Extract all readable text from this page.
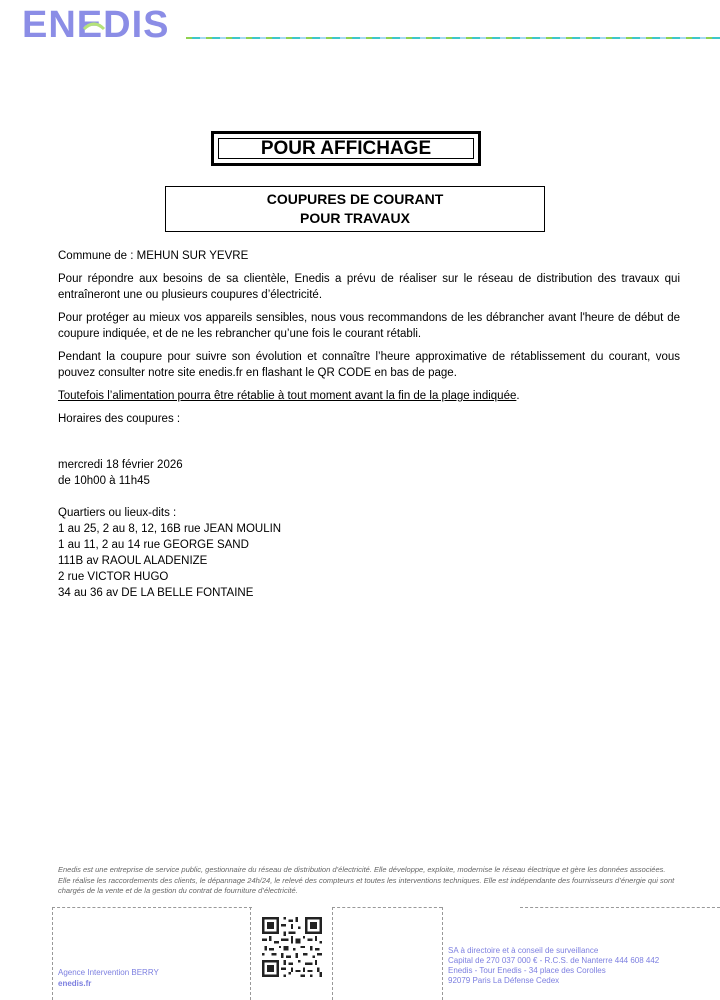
ENEDIS
POUR AFFICHAGE
COUPURES DE COURANT
POUR TRAVAUX

Commune de : MEHUN SUR YEVRE

Pour répondre aux besoins de sa clientèle, Enedis a prévu de réaliser sur le réseau de distribution des travaux qui entraîneront une ou plusieurs coupures d’électricité.

Pour protéger au mieux vos appareils sensibles, nous vous recommandons de les débrancher avant l'heure de début de coupure indiquée, et de ne les rebrancher qu’une fois le courant rétabli.

Pendant la coupure pour suivre son évolution et connaître l’heure approximative de rétablissement du courant, vous pouvez consulter notre site enedis.fr en flashant le QR CODE en bas de page.

Toutefois l’alimentation pourra être rétablie à tout moment avant la fin de la plage indiquée.

Horaires des coupures :

mercredi 18 février 2026
de 10h00 à 11h45
Quartiers ou lieux-dits :
1 au 25, 2 au 8, 12, 16B rue JEAN MOULIN
1 au 11, 2 au 14 rue GEORGE SAND
111B av RAOUL ALADENIZE
2 rue VICTOR HUGO
34 au 36 av DE LA BELLE FONTAINE
Enedis est une entreprise de service public, gestionnaire du réseau de distribution d’électricité. Elle développe, exploite, modernise le réseau électrique et gère les données associées. Elle réalise les raccordements des clients, le dépannage 24h/24, le relevé des compteurs et toutes les interventions techniques. Elle est indépendante des fournisseurs d’énergie qui sont chargés de la vente et de la gestion du contrat de fourniture d’électricité.
Agence Intervention BERRY
enedis.fr
SA à directoire et à conseil de surveillance
Capital de 270 037 000 € - R.C.S. de Nanterre 444 608 442
Enedis - Tour Enedis - 34 place des Corolles
92079 Paris La Défense Cedex
